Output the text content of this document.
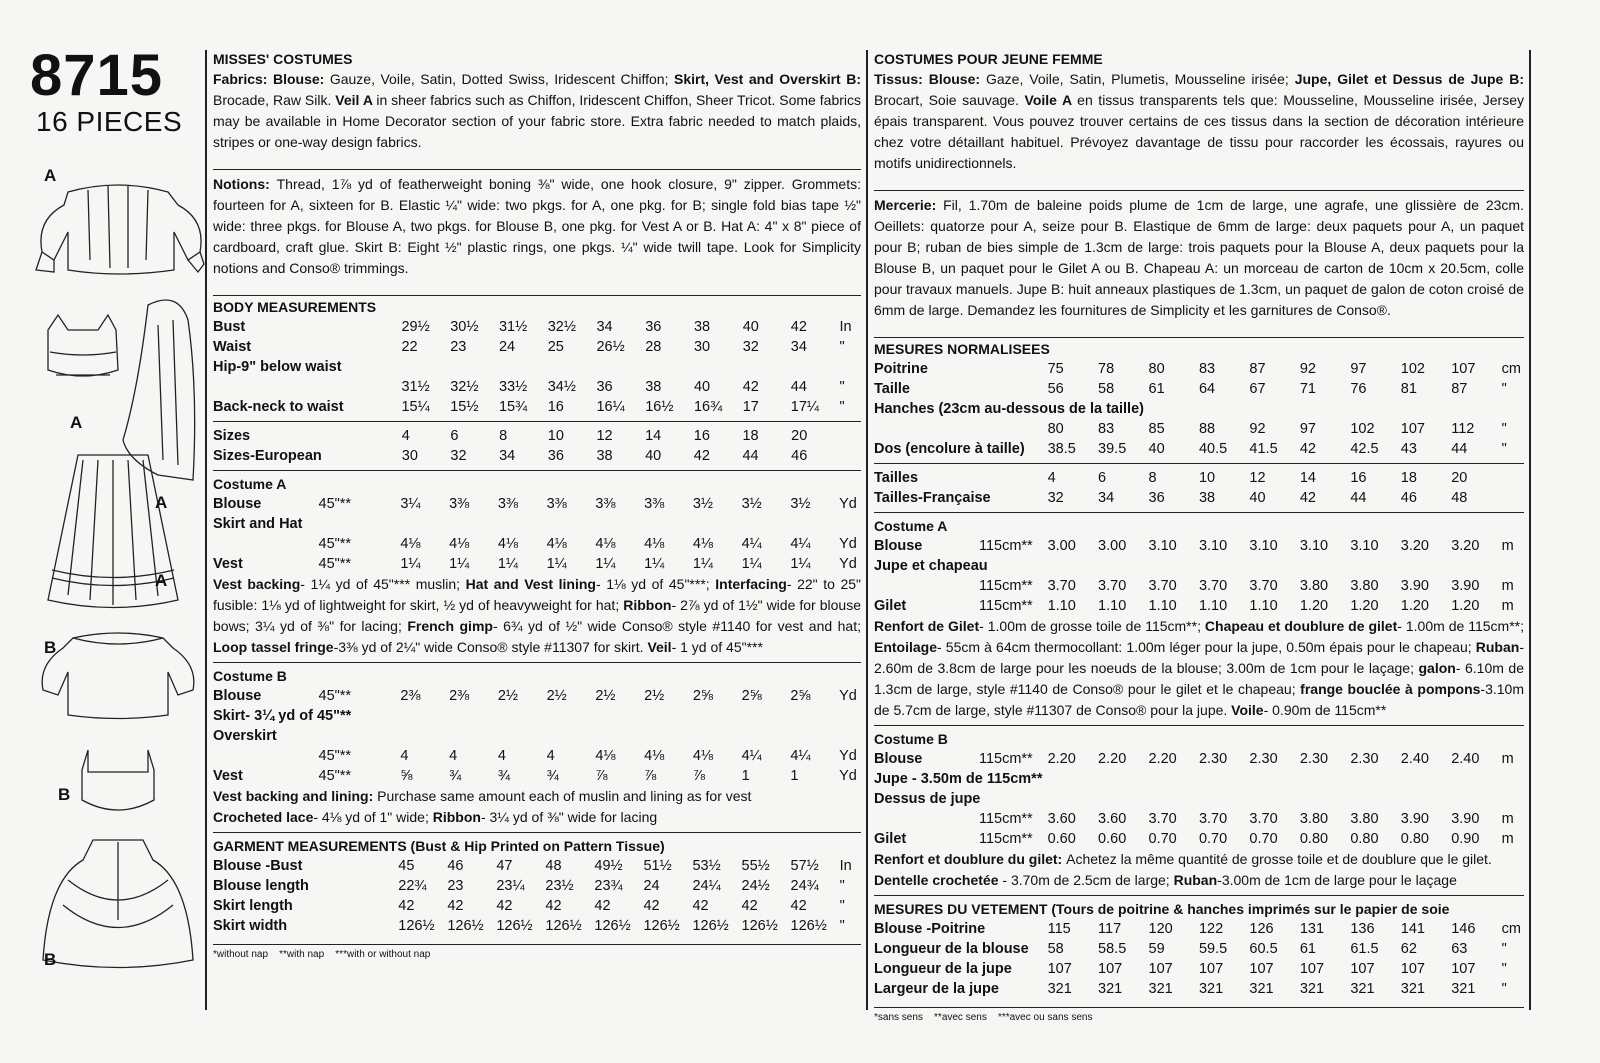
8715
16 PIECES
A
A
A
A
B
B
B
MISSES' COSTUMES
Fabrics: Blouse: Gauze, Voile, Satin, Dotted Swiss, Iridescent Chiffon; Skirt, Vest and Overskirt B: Brocade, Raw Silk. Veil A in sheer fabrics such as Chiffon, Iridescent Chiffon, Sheer Tricot. Some fabrics may be available in Home Decorator section of your fabric store. Extra fabric needed to match plaids, stripes or one-way design fabrics.
Notions: Thread, 1⅞ yd of featherweight boning ⅜" wide, one hook closure, 9" zipper. Grommets: fourteen for A, sixteen for B. Elastic ¼" wide: two pkgs. for A, one pkg. for B; single fold bias tape ½" wide: three pkgs. for Blouse A, two pkgs. for Blouse B, one pkg. for Vest A or B. Hat A: 4" x 8" piece of cardboard, craft glue. Skirt B: Eight ½" plastic rings, one pkgs. ¼" wide twill tape. Look for Simplicity notions and Conso® trimmings.
BODY MEASUREMENTS
Bust	29½	30½	31½	32½	34	36	38	40	42	In
Waist	22	23	24	25	26½	28	30	32	34	"
Hip-9" below waist										
	31½	32½	33½	34½	36	38	40	42	44	"
Back-neck to waist	15¼	15½	15¾	16	16¼	16½	16¾	17	17¼	"
Sizes	4	6	8	10	12	14	16	18	20	
Sizes-European	30	32	34	36	38	40	42	44	46	
Costume A
Blouse	45"**	3¼	3⅜	3⅜	3⅜	3⅜	3⅜	3½	3½	3½	Yd
Skirt and Hat											
	45"**	4⅛	4⅛	4⅛	4⅛	4⅛	4⅛	4⅛	4¼	4¼	Yd
Vest	45"**	1¼	1¼	1¼	1¼	1¼	1¼	1¼	1¼	1¼	Yd
Vest backing- 1¼ yd of 45"*** muslin; Hat and Vest lining- 1⅛ yd of 45"***; Interfacing- 22" to 25" fusible: 1⅛ yd of lightweight for skirt, ½ yd of heavyweight for hat; Ribbon- 2⅞ yd of 1½" wide for blouse bows; 3¼ yd of ⅜" for lacing; French gimp- 6¾ yd of ½" wide Conso® style #1140 for vest and hat; Loop tassel fringe-3⅜ yd of 2¼" wide Conso® style #11307 for skirt. Veil- 1 yd of 45"***
Costume B
Blouse	45"**	2⅜	2⅜	2½	2½	2½	2½	2⅝	2⅝	2⅝	Yd
Skirt- 3¼ yd of 45"**											
Overskirt											
	45"**	4	4	4	4	4⅛	4⅛	4⅛	4¼	4¼	Yd
Vest	45"**	⅝	¾	¾	¾	⅞	⅞	⅞	1	1	Yd
Vest backing and lining: Purchase same amount each of muslin and lining as for vest
Crocheted lace- 4⅛ yd of 1" wide; Ribbon- 3¼ yd of ⅜" wide for lacing
GARMENT MEASUREMENTS (Bust & Hip Printed on Pattern Tissue)
Blouse -Bust	45	46	47	48	49½	51½	53½	55½	57½	In
Blouse length	22¾	23	23¼	23½	23¾	24	24¼	24½	24¾	"
Skirt length	42	42	42	42	42	42	42	42	42	"
Skirt width	126½	126½	126½	126½	126½	126½	126½	126½	126½	"
*without nap    **with nap    ***with or without nap
COSTUMES POUR JEUNE FEMME
Tissus: Blouse: Gaze, Voile, Satin, Plumetis, Mousseline irisée; Jupe, Gilet et Dessus de Jupe B: Brocart, Soie sauvage. Voile A en tissus transparents tels que: Mousseline, Mousseline irisée, Jersey épais transparent. Vous pouvez trouver certains de ces tissus dans la section de décoration intérieure chez votre détaillant habituel. Prévoyez davantage de tissu pour raccorder les écossais, rayures ou motifs unidirectionnels.
Mercerie: Fil, 1.70m de baleine poids plume de 1cm de large, une agrafe, une glissière de 23cm. Oeillets: quatorze pour A, seize pour B. Elastique de 6mm de large: deux paquets pour A, un paquet pour B; ruban de bies simple de 1.3cm de large: trois paquets pour la Blouse A, deux paquets pour la Blouse B, un paquet pour le Gilet A ou B. Chapeau A: un morceau de carton de 10cm x 20.5cm, colle pour travaux manuels. Jupe B: huit anneaux plastiques de 1.3cm, un paquet de galon de coton croisé de 6mm de large. Demandez les fournitures de Simplicity et les garnitures de Conso®.
MESURES NORMALISEES
Poitrine	75	78	80	83	87	92	97	102	107	cm
Taille	56	58	61	64	67	71	76	81	87	"
Hanches (23cm au-dessous de la taille)										
	80	83	85	88	92	97	102	107	112	"
Dos (encolure à taille)	38.5	39.5	40	40.5	41.5	42	42.5	43	44	"
Tailles	4	6	8	10	12	14	16	18	20	
Tailles-Française	32	34	36	38	40	42	44	46	48	
Costume A
Blouse	115cm**	3.00	3.00	3.10	3.10	3.10	3.10	3.10	3.20	3.20	m
Jupe et chapeau											
	115cm**	3.70	3.70	3.70	3.70	3.70	3.80	3.80	3.90	3.90	m
Gilet	115cm**	1.10	1.10	1.10	1.10	1.10	1.20	1.20	1.20	1.20	m
Renfort de Gilet- 1.00m de grosse toile de 115cm**; Chapeau et doublure de gilet- 1.00m de 115cm**; Entoilage- 55cm à 64cm thermocollant: 1.00m léger pour la jupe, 0.50m épais pour le chapeau; Ruban- 2.60m de 3.8cm de large pour les noeuds de la blouse; 3.00m de 1cm pour le laçage; galon- 6.10m de 1.3cm de large, style #1140 de Conso® pour le gilet et le chapeau; frange bouclée à pompons-3.10m de 5.7cm de large, style #11307 de Conso® pour la jupe. Voile- 0.90m de 115cm**
Costume B
Blouse	115cm**	2.20	2.20	2.20	2.30	2.30	2.30	2.30	2.40	2.40	m
Jupe - 3.50m de 115cm**											
Dessus de jupe											
	115cm**	3.60	3.60	3.70	3.70	3.70	3.80	3.80	3.90	3.90	m
Gilet	115cm**	0.60	0.60	0.70	0.70	0.70	0.80	0.80	0.80	0.90	m
Renfort et doublure du gilet: Achetez la même quantité de grosse toile et de doublure que le gilet.
Dentelle crochetée - 3.70m de 2.5cm de large; Ruban-3.00m de 1cm de large pour le laçage
MESURES DU VETEMENT (Tours de poitrine & hanches imprimés sur le papier de soie
Blouse -Poitrine	115	117	120	122	126	131	136	141	146	cm
Longueur de la blouse	58	58.5	59	59.5	60.5	61	61.5	62	63	"
Longueur de la jupe	107	107	107	107	107	107	107	107	107	"
Largeur de la jupe	321	321	321	321	321	321	321	321	321	"
*sans sens    **avec sens    ***avec ou sans sens
